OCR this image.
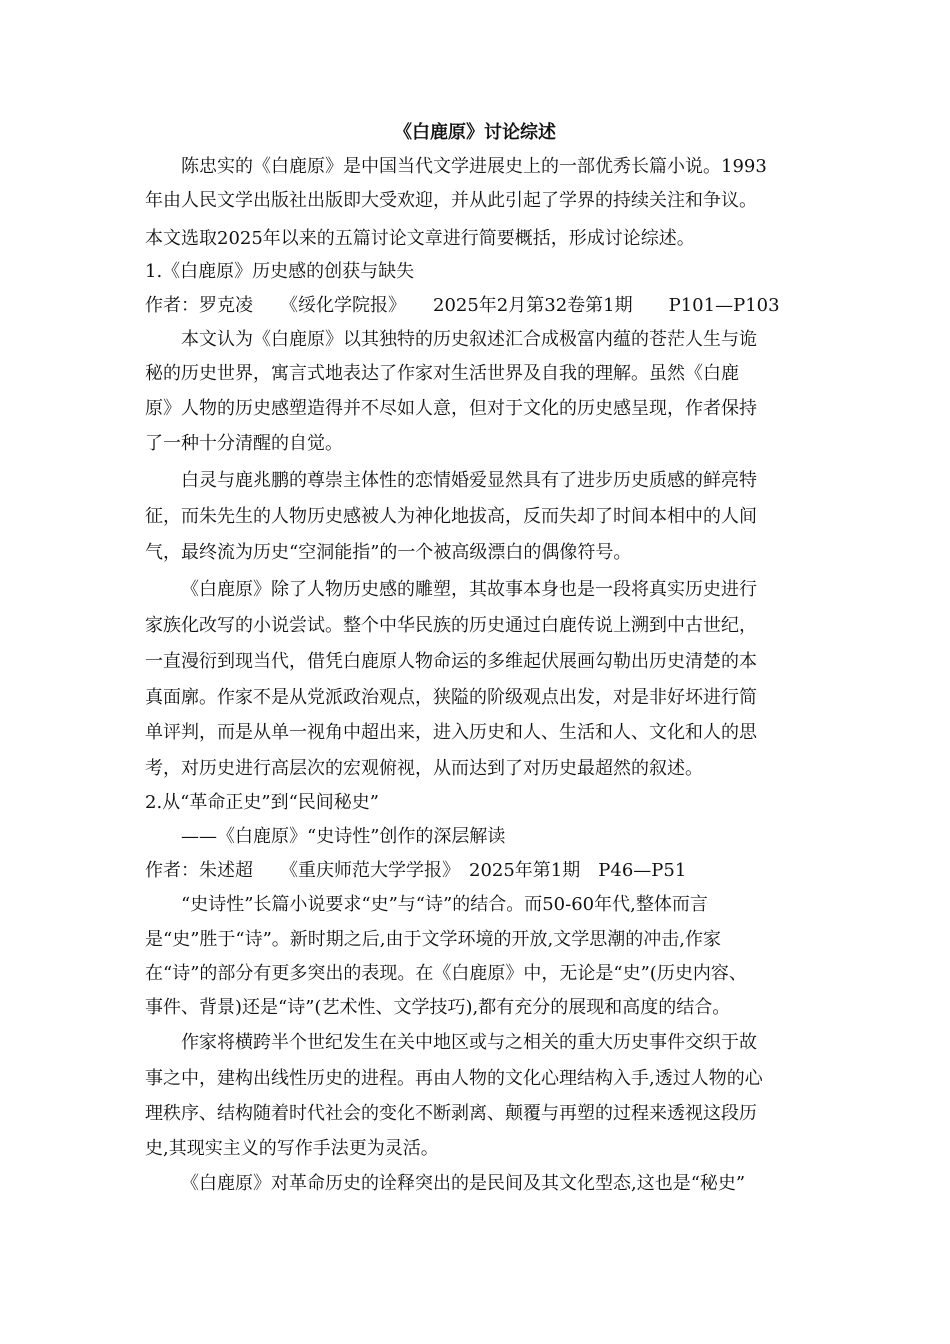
《白鹿原》讨论综述
陈忠实的《白鹿原》是中国当代文学进展史上的一部优秀长篇小说。1993
年由人民文学出版社出版即大受欢迎，并从此引起了学界的持续关注和争议。
本文选取2025年以来的五篇讨论文章进行简要概括，形成讨论综述。
1.《白鹿原》历史感的创获与缺失
作者：罗克凌　　《绥化学院报》　　2025年2月第32卷第1期　　P101—P103
本文认为《白鹿原》以其独特的历史叙述汇合成极富内蕴的苍茫人生与诡
秘的历史世界，寓言式地表达了作家对生活世界及自我的理解。虽然《白鹿
原》人物的历史感塑造得并不尽如人意，但对于文化的历史感呈现，作者保持
了一种十分清醒的自觉。
白灵与鹿兆鹏的尊崇主体性的恋情婚爱显然具有了进步历史质感的鲜亮特
征，而朱先生的人物历史感被人为神化地拔高，反而失却了时间本相中的人间
气，最终流为历史“空洞能指”的一个被高级漂白的偶像符号。
《白鹿原》除了人物历史感的雕塑，其故事本身也是一段将真实历史进行
家族化改写的小说尝试。整个中华民族的历史通过白鹿传说上溯到中古世纪，
一直漫衍到现当代，借凭白鹿原人物命运的多维起伏展画勾勒出历史清楚的本
真面廓。作家不是从党派政治观点，狭隘的阶级观点出发，对是非好坏进行简
单评判，而是从单一视角中超出来，进入历史和人、生活和人、文化和人的思
考，对历史进行高层次的宏观俯视，从而达到了对历史最超然的叙述。
2.从“革命正史”到“民间秘史”
——《白鹿原》“史诗性”创作的深层解读
作者：朱述超　　《重庆师范大学学报》　2025年第1期　P46—P51
“史诗性”长篇小说要求“史”与“诗”的结合。而50-60年代,整体而言
是“史”胜于“诗”。新时期之后,由于文学环境的开放,文学思潮的冲击,作家
在“诗”的部分有更多突出的表现。在《白鹿原》中，无论是“史”(历史内容、
事件、背景)还是“诗”(艺术性、文学技巧),都有充分的展现和高度的结合。
作家将横跨半个世纪发生在关中地区或与之相关的重大历史事件交织于故
事之中，建构出线性历史的进程。再由人物的文化心理结构入手,透过人物的心
理秩序、结构随着时代社会的变化不断剥离、颠覆与再塑的过程来透视这段历
史,其现实主义的写作手法更为灵活。
《白鹿原》对革命历史的诠释突出的是民间及其文化型态,这也是“秘史”
